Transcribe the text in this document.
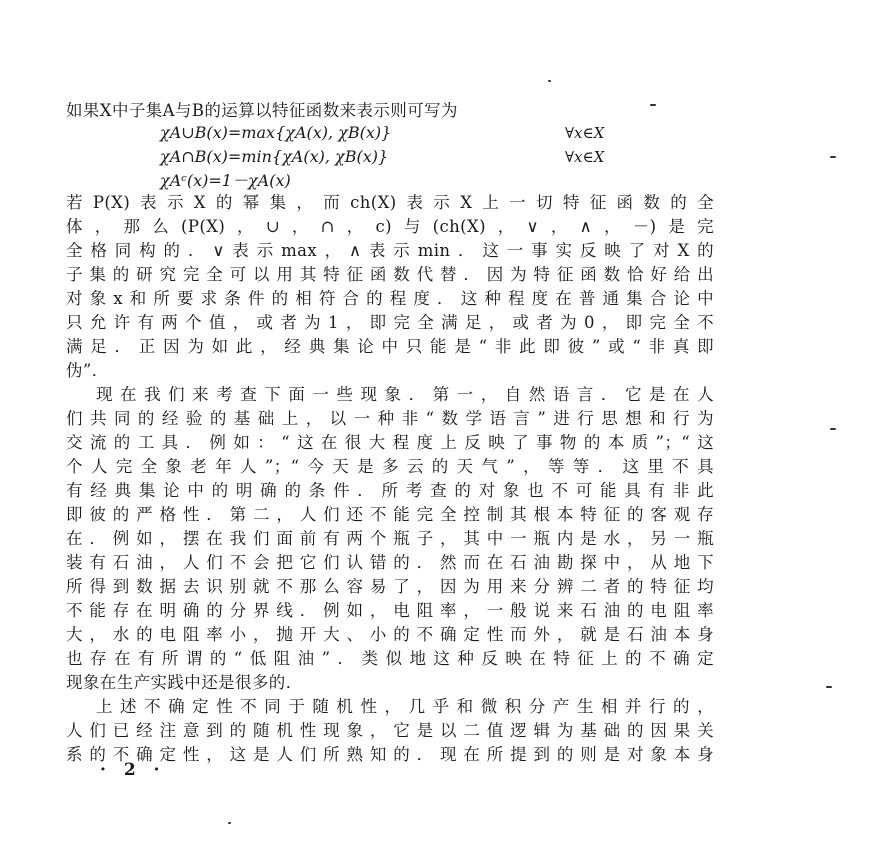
如果X中子集A与B的运算以特征函数来表示则可写为
χA∪B(x)=max{χA(x), χB(x)}	∀x∈X
χA∩B(x)=min{χA(x), χB(x)}	∀x∈X
χAᶜ(x)=1－χA(x)
若P(X)表示X的幂集，而ch(X)表示X上一切特征函数的全
体，那么(P(X)，∪，∩，c)与(ch(X)，∨，∧，－)是完
全格同构的．∨表示max，∧表示min．这一事实反映了对X的
子集的研究完全可以用其特征函数代替．因为特征函数恰好给出
对象x和所要求条件的相符合的程度．这种程度在普通集合论中
只允许有两个值，或者为1，即完全满足，或者为0，即完全不
满足．正因为如此，经典集论中只能是“非此即彼”或“非真即
伪”．
现在我们来考查下面一些现象．第一，自然语言．它是在人
们共同的经验的基础上，以一种非“数学语言”进行思想和行为
交流的工具．例如：“这在很大程度上反映了事物的本质”；“这
个人完全象老年人”；“今天是多云的天气”，等等．这里不具
有经典集论中的明确的条件．所考查的对象也不可能具有非此
即彼的严格性．第二，人们还不能完全控制其根本特征的客观存
在．例如，摆在我们面前有两个瓶子，其中一瓶内是水，另一瓶
装有石油，人们不会把它们认错的．然而在石油勘探中，从地下
所得到数据去识别就不那么容易了，因为用来分辨二者的特征均
不能存在明确的分界线．例如，电阻率，一般说来石油的电阻率
大，水的电阻率小，抛开大、小的不确定性而外，就是石油本身
也存在有所谓的“低阻油”．类似地这种反映在特征上的不确定
现象在生产实践中还是很多的．
上述不确定性不同于随机性，几乎和微积分产生相并行的，
人们已经注意到的随机性现象，它是以二值逻辑为基础的因果关
系的不确定性，这是人们所熟知的．现在所提到的则是对象本身
· 2 ·
